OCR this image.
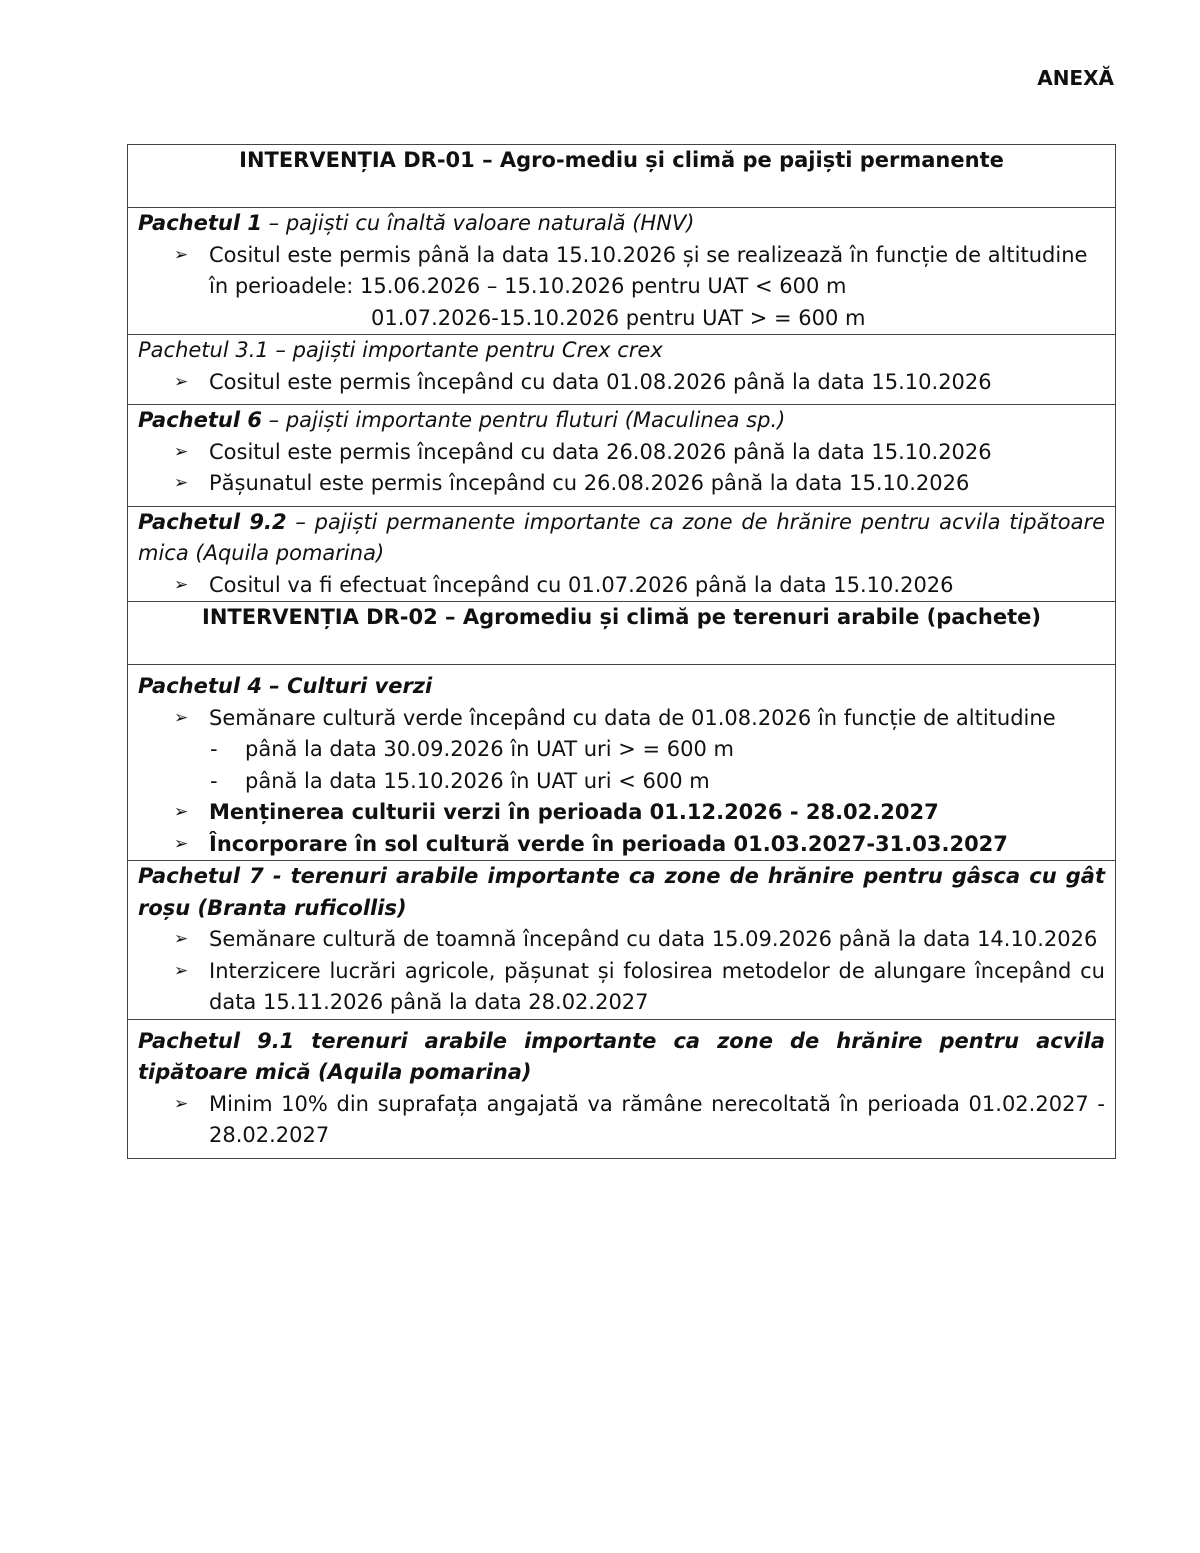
ANEXĂ
INTERVENȚIA DR-01 – Agro-mediu și climă pe pajiști permanente

Pachetul 1 – pajiști cu înaltă valoare naturală (HNV)
➢ Cositul este permis până la data 15.10.2026 și se realizează în funcție de altitudine
în perioadele: 15.06.2026 – 15.10.2026 pentru UAT < 600 m
01.07.2026-15.10.2026 pentru UAT > = 600 m

Pachetul 3.1 – pajiști importante pentru Crex crex
➢ Cositul este permis începând cu data 01.08.2026 până la data 15.10.2026

Pachetul 6 – pajiști importante pentru fluturi (Maculinea sp.)
➢ Cositul este permis începând cu data 26.08.2026 până la data 15.10.2026
➢ Pășunatul este permis începând cu 26.08.2026 până la data 15.10.2026

Pachetul 9.2 – pajiști permanente importante ca zone de hrănire pentru acvila tipătoare mica (Aquila pomarina)
➢ Cositul va fi efectuat începând cu 01.07.2026 până la data 15.10.2026

INTERVENȚIA DR-02 – Agromediu și climă pe terenuri arabile (pachete)

Pachetul 4 – Culturi verzi
➢ Semănare cultură verde începând cu data de 01.08.2026 în funcție de altitudine
-	până la data 30.09.2026 în UAT uri > = 600 m
-	până la data 15.10.2026 în UAT uri < 600 m
➢ Menținerea culturii verzi în perioada 01.12.2026 - 28.02.2027
➢ Încorporare în sol cultură verde în perioada 01.03.2027-31.03.2027

Pachetul 7 - terenuri arabile importante ca zone de hrănire pentru gâsca cu gât roșu (Branta ruficollis)
➢ Semănare cultură de toamnă începând cu data 15.09.2026 până la data 14.10.2026
➢ Interzicere lucrări agricole, pășunat și folosirea metodelor de alungare începând cu data 15.11.2026 până la data 28.02.2027

Pachetul 9.1 terenuri arabile importante ca zone de hrănire pentru acvila tipătoare mică (Aquila pomarina)
➢ Minim 10% din suprafața angajată va rămâne nerecoltată în perioada 01.02.2027 - 28.02.2027
